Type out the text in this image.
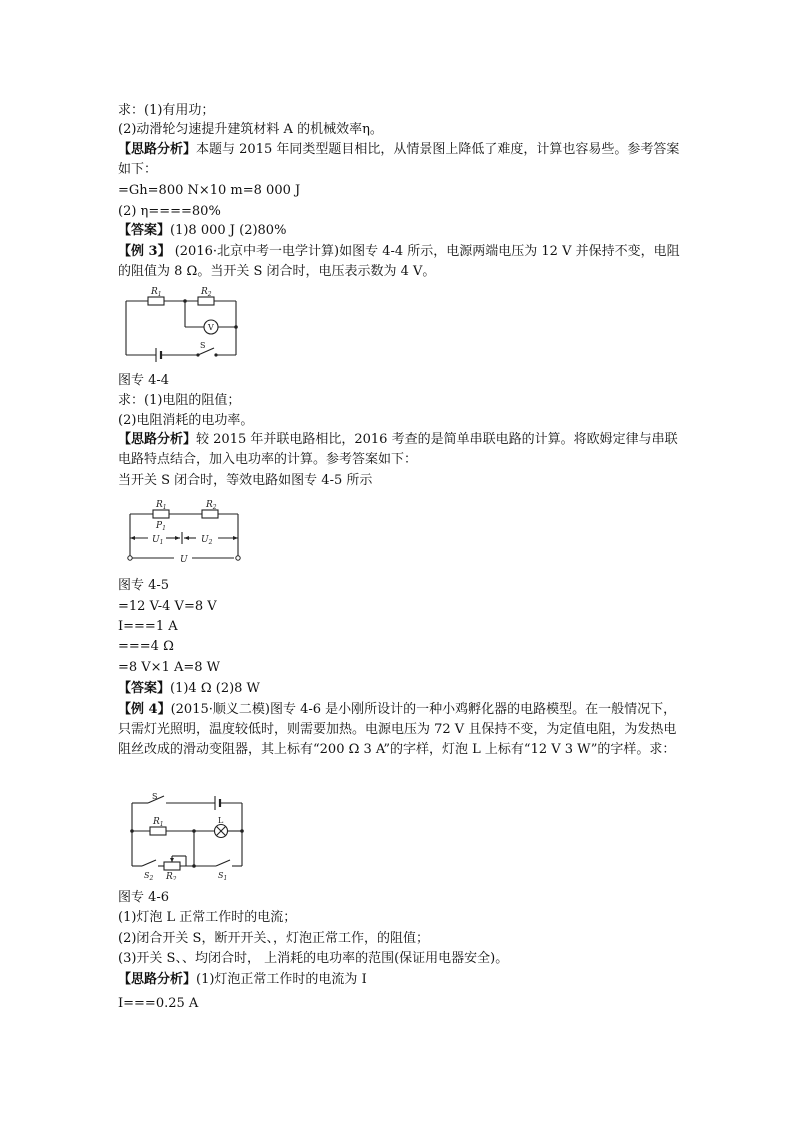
求：(1)有用功；
(2)动滑轮匀速提升建筑材料 A 的机械效率η。
【思路分析】本题与 2015 年同类型题目相比，从情景图上降低了难度，计算也容易些。参考答案如下：
=Gh=800 N×10 m=8 000 J
(2) η====80%
【答案】(1)8 000 J (2)80%
【例 3】 (2016·北京中考一电学计算)如图专 4-4 所示，电源两端电压为 12 V 并保持不变，电阻的阻值为 8 Ω。当开关 S 闭合时，电压表示数为 4 V。
$R_1$	$R_2$
V
S
图专 4-4
求：(1)电阻的阻值；
(2)电阻消耗的电功率。
【思路分析】较 2015 年并联电路相比，2016 考查的是简单串联电路的计算。将欧姆定律与串联电路特点结合，加入电功率的计算。参考答案如下：
当开关 S 闭合时，等效电路如图专 4-5 所示
$R_1$	$R_2$
$P_1$
$U_1$	$U_2$
U
图专 4-5
=12 V-4 V=8 V
I===1 A
===4 Ω
=8 V×1 A=8 W
【答案】(1)4 Ω (2)8 W
【例 4】(2015·顺义二模)图专 4-6 是小刚所设计的一种小鸡孵化器的电路模型。在一般情况下，只需灯光照明，温度较低时，则需要加热。电源电压为 72 V 且保持不变，为定值电阻，为发热电阻丝改成的滑动变阻器，其上标有“200 Ω 3 A”的字样，灯泡 L 上标有“12 V 3 W”的字样。求：
S
$R_1$	L
$S_2$ $R_2$	$S_1$
图专 4-6
(1)灯泡 L 正常工作时的电流；
(2)闭合开关 S，断开开关、，灯泡正常工作，的阻值；
(3)开关 S、、均闭合时， 上消耗的电功率的范围(保证用电器安全)。
【思路分析】(1)灯泡正常工作时的电流为 I
I===0.25 A
